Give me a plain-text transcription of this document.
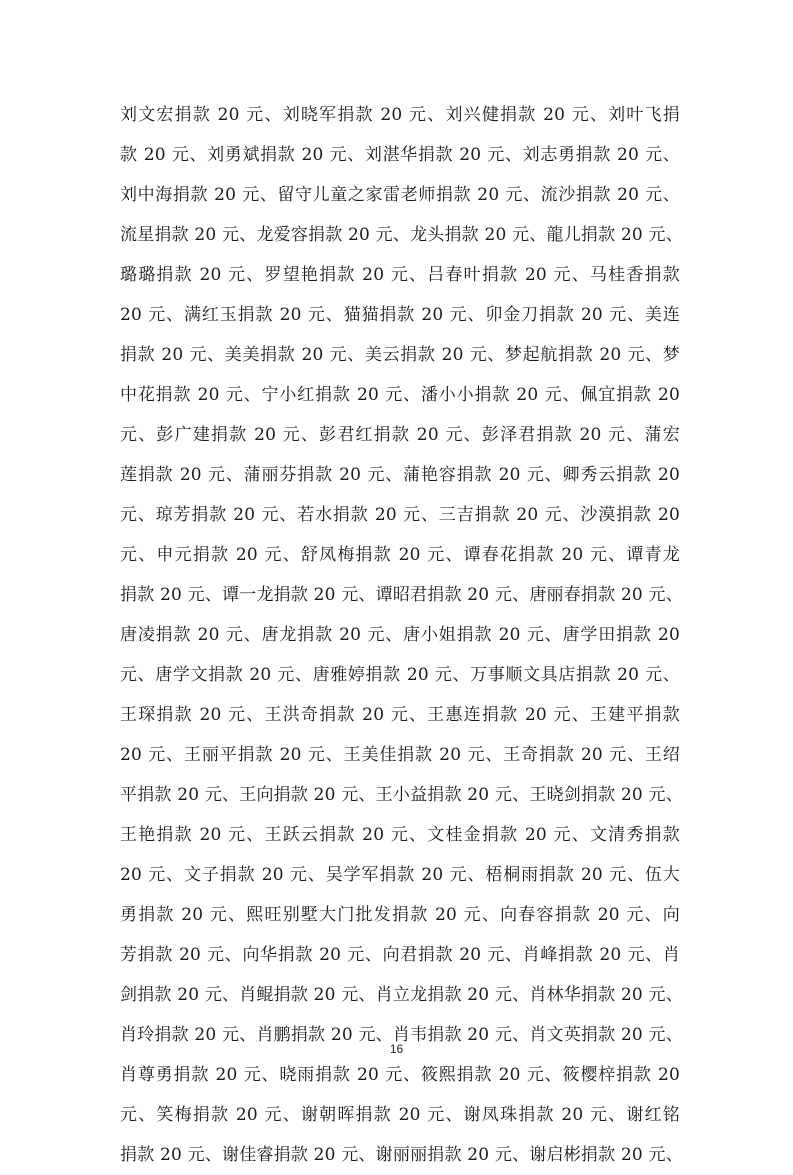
刘文宏捐款 20 元、刘晓军捐款 20 元、刘兴健捐款 20 元、刘叶飞捐
款 20 元、刘勇斌捐款 20 元、刘湛华捐款 20 元、刘志勇捐款 20 元、
刘中海捐款 20 元、留守儿童之家雷老师捐款 20 元、流沙捐款 20 元、
流星捐款 20 元、龙爱容捐款 20 元、龙头捐款 20 元、龍儿捐款 20 元、
璐璐捐款 20 元、罗望艳捐款 20 元、吕春叶捐款 20 元、马桂香捐款
20 元、满红玉捐款 20 元、猫猫捐款 20 元、卯金刀捐款 20 元、美连
捐款 20 元、美美捐款 20 元、美云捐款 20 元、梦起航捐款 20 元、梦
中花捐款 20 元、宁小红捐款 20 元、潘小小捐款 20 元、佩宜捐款 20
元、彭广建捐款 20 元、彭君红捐款 20 元、彭泽君捐款 20 元、蒲宏
莲捐款 20 元、蒲丽芬捐款 20 元、蒲艳容捐款 20 元、卿秀云捐款 20
元、琼芳捐款 20 元、若水捐款 20 元、三吉捐款 20 元、沙漠捐款 20
元、申元捐款 20 元、舒凤梅捐款 20 元、谭春花捐款 20 元、谭青龙
捐款 20 元、谭一龙捐款 20 元、谭昭君捐款 20 元、唐丽春捐款 20 元、
唐凌捐款 20 元、唐龙捐款 20 元、唐小姐捐款 20 元、唐学田捐款 20
元、唐学文捐款 20 元、唐雅婷捐款 20 元、万事顺文具店捐款 20 元、
王琛捐款 20 元、王洪奇捐款 20 元、王惠连捐款 20 元、王建平捐款
20 元、王丽平捐款 20 元、王美佳捐款 20 元、王奇捐款 20 元、王绍
平捐款 20 元、王向捐款 20 元、王小益捐款 20 元、王晓剑捐款 20 元、
王艳捐款 20 元、王跃云捐款 20 元、文桂金捐款 20 元、文清秀捐款
20 元、文子捐款 20 元、吴学军捐款 20 元、梧桐雨捐款 20 元、伍大
勇捐款 20 元、熙旺别墅大门批发捐款 20 元、向春容捐款 20 元、向
芳捐款 20 元、向华捐款 20 元、向君捐款 20 元、肖峰捐款 20 元、肖
剑捐款 20 元、肖鲲捐款 20 元、肖立龙捐款 20 元、肖林华捐款 20 元、
肖玲捐款 20 元、肖鹏捐款 20 元、肖韦捐款 20 元、肖文英捐款 20 元、
肖尊勇捐款 20 元、晓雨捐款 20 元、筱熙捐款 20 元、筱樱梓捐款 20
元、笑梅捐款 20 元、谢朝晖捐款 20 元、谢凤珠捐款 20 元、谢红铭
捐款 20 元、谢佳睿捐款 20 元、谢丽丽捐款 20 元、谢启彬捐款 20 元、
16
